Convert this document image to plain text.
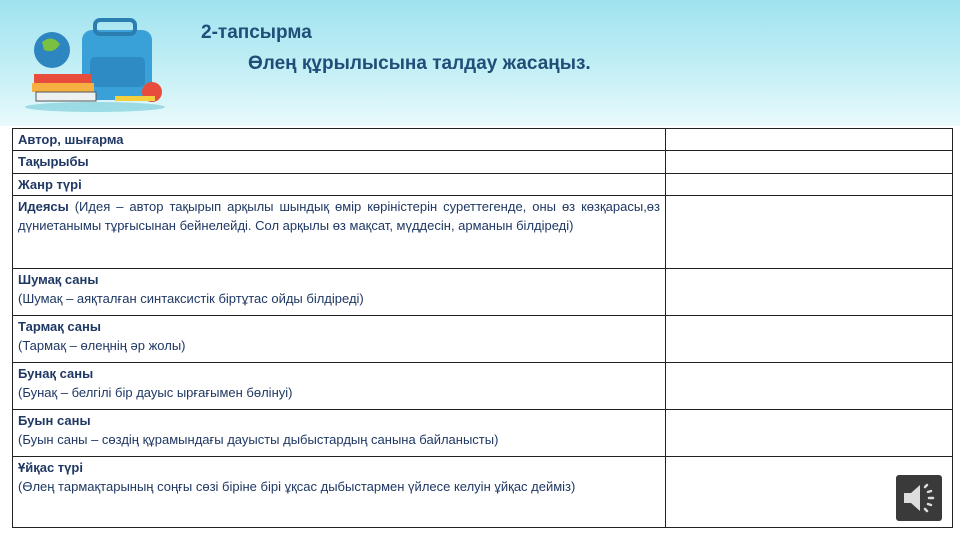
2-тапсырма
Өлең құрылысына талдау жасаңыз.
Автор, шығарма	
Тақырыбы	
Жанр түрі	
Идеясы (Идея – автор тақырып арқылы шындық өмір көріністерін суреттегенде, оны өз көзқарасы,өз дүниетанымы тұрғысынан бейнелейді. Сол арқылы өз мақсат, мүддесін, арманын білдіреді)	
Шумақ саны
(Шумақ – аяқталған синтаксистік біртұтас ойды білдіреді)	
Тармақ саны
(Тармақ – өлеңнің әр жолы)	
Бунақ саны
(Бунақ – белгілі бір дауыс ырғағымен бөлінуі)	
Буын саны
(Буын саны – сөздің құрамындағы дауысты дыбыстардың санына байланысты)	
Ұйқас түрі
(Өлең тармақтарының соңғы сөзі біріне бірі ұқсас дыбыстармен үйлесе келуін ұйқас дейміз)	
